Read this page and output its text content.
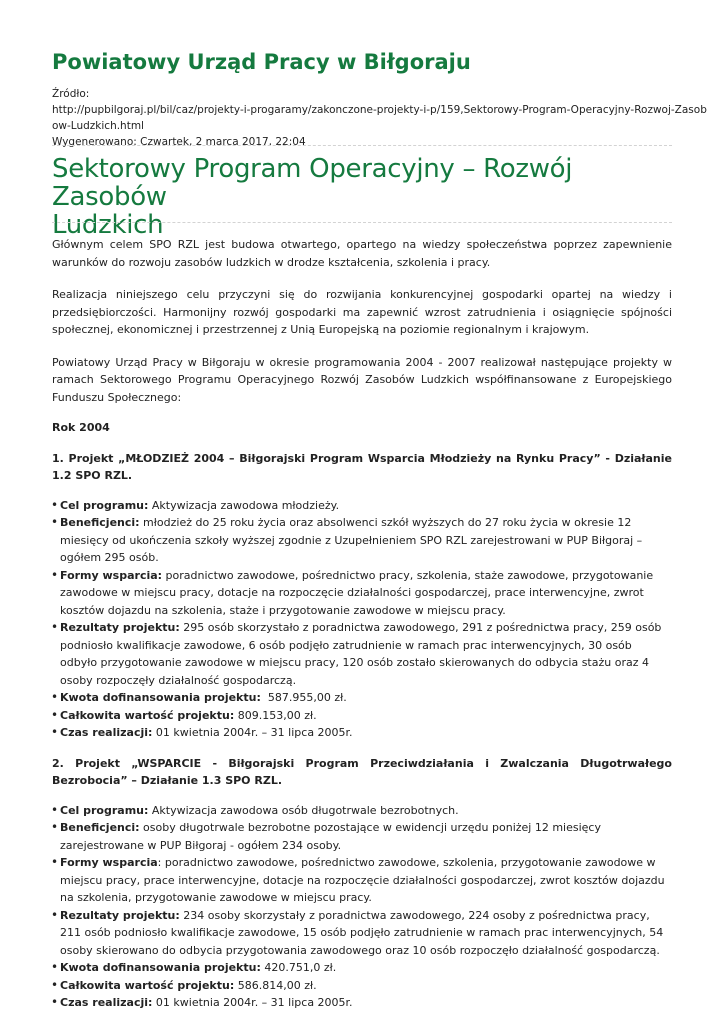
Powiatowy Urząd Pracy w Biłgoraju
Źródło:
http://pupbilgoraj.pl/bil/caz/projekty-i-progaramy/zakonczone-projekty-i-p/159,Sektorowy-Program-Operacyjny-Rozwoj-Zasob
ow-Ludzkich.html
Wygenerowano: Czwartek, 2 marca 2017, 22:04
Sektorowy Program Operacyjny – Rozwój Zasobów
Ludzkich

Głównym celem SPO RZL jest budowa otwartego, opartego na wiedzy społeczeństwa poprzez zapewnienie warunków do rozwoju zasobów ludzkich w drodze kształcenia, szkolenia i pracy.

Realizacja niniejszego celu przyczyni się do rozwijania konkurencyjnej gospodarki opartej na wiedzy i przedsiębiorczości. Harmonijny rozwój gospodarki ma zapewnić wzrost zatrudnienia i osiągnięcie spójności społecznej, ekonomicznej i przestrzennej z Unią Europejską na poziomie regionalnym i krajowym.

Powiatowy Urząd Pracy w Biłgoraju w okresie programowania 2004 - 2007 realizował następujące projekty w ramach Sektorowego Programu Operacyjnego Rozwój Zasobów Ludzkich współfinansowane z Europejskiego Funduszu Społecznego:

Rok 2004

1. Projekt „MŁODZIEŻ 2004 – Biłgorajski Program Wsparcia Młodzieży na Rynku Pracy” - Działanie 1.2 SPO RZL.

• Cel programu: Aktywizacja zawodowa młodzieży.
• Beneficjenci: młodzież do 25 roku życia oraz absolwenci szkół wyższych do 27 roku życia w okresie 12 miesięcy od ukończenia szkoły wyższej zgodnie z Uzupełnieniem SPO RZL zarejestrowani w PUP Biłgoraj – ogółem 295 osób.
• Formy wsparcia: poradnictwo zawodowe, pośrednictwo pracy, szkolenia, staże zawodowe, przygotowanie zawodowe w miejscu pracy, dotacje na rozpoczęcie działalności gospodarczej, prace interwencyjne, zwrot kosztów dojazdu na szkolenia, staże i przygotowanie zawodowe w miejscu pracy.
• Rezultaty projektu: 295 osób skorzystało z poradnictwa zawodowego, 291 z pośrednictwa pracy, 259 osób podniosło kwalifikacje zawodowe, 6 osób podjęło zatrudnienie w ramach prac interwencyjnych, 30 osób odbyło przygotowanie zawodowe w miejscu pracy, 120 osób zostało skierowanych do odbycia stażu oraz 4 osoby rozpoczęły działalność gospodarczą.
• Kwota dofinansowania projektu:  587.955,00 zł.
• Całkowita wartość projektu: 809.153,00 zł.
• Czas realizacji: 01 kwietnia 2004r. – 31 lipca 2005r.

2. Projekt „WSPARCIE - Biłgorajski Program Przeciwdziałania i Zwalczania Długotrwałego Bezrobocia” – Działanie 1.3 SPO RZL.

• Cel programu: Aktywizacja zawodowa osób długotrwale bezrobotnych.
• Beneficjenci: osoby długotrwale bezrobotne pozostające w ewidencji urzędu poniżej 12 miesięcy zarejestrowane w PUP Biłgoraj - ogółem 234 osoby.
• Formy wsparcia: poradnictwo zawodowe, pośrednictwo zawodowe, szkolenia, przygotowanie zawodowe w miejscu pracy, prace interwencyjne, dotacje na rozpoczęcie działalności gospodarczej, zwrot kosztów dojazdu na szkolenia, przygotowanie zawodowe w miejscu pracy.
• Rezultaty projektu: 234 osoby skorzystały z poradnictwa zawodowego, 224 osoby z pośrednictwa pracy, 211 osób podniosło kwalifikacje zawodowe, 15 osób podjęło zatrudnienie w ramach prac interwencyjnych, 54 osoby skierowano do odbycia przygotowania zawodowego oraz 10 osób rozpoczęło działalność gospodarczą.
• Kwota dofinansowania projektu: 420.751,0 zł.
• Całkowita wartość projektu: 586.814,00 zł.
• Czas realizacji: 01 kwietnia 2004r. – 31 lipca 2005r.
